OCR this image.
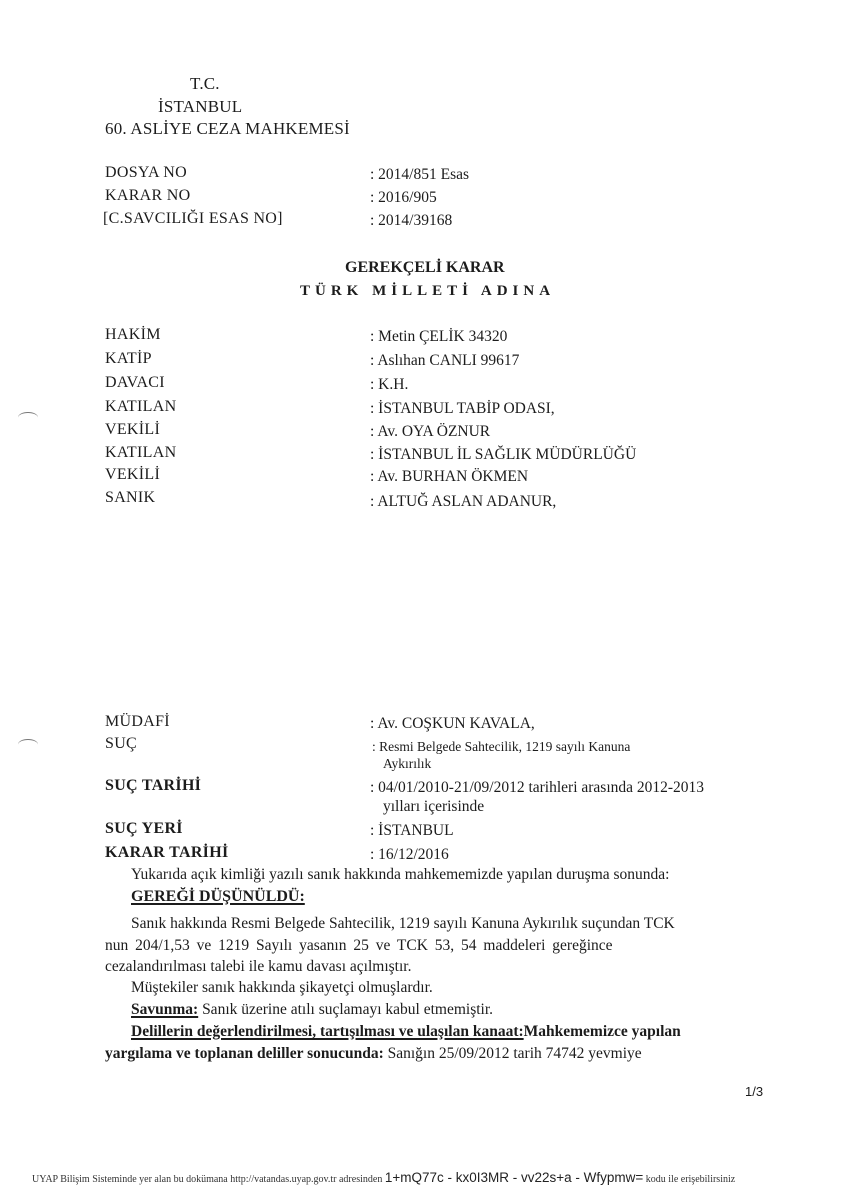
T.C.
İSTANBUL
60. ASLİYE CEZA MAHKEMESİ
DOSYA NO	: 2014/851 Esas
KARAR NO	: 2016/905
[C.SAVCILIĞI ESAS NO]	: 2014/39168
GEREKÇELİ KARAR
TÜRK MİLLETİ ADINA
HAKİM	: Metin ÇELİK 34320
KATİP	: Aslıhan CANLI 99617
DAVACI	: K.H.
KATILAN	: İSTANBUL TABİP ODASI,
VEKİLİ	: Av. OYA ÖZNUR
KATILAN	: İSTANBUL İL SAĞLIK MÜDÜRLÜĞÜ
VEKİLİ	: Av. BURHAN ÖKMEN
SANIK	: ALTUĞ ASLAN ADANUR,
MÜDAFİ	: Av. COŞKUN KAVALA,
SUÇ	: Resmi Belgede Sahtecilik, 1219 sayılı Kanuna
Aykırılık
SUÇ TARİHİ	: 04/01/2010-21/09/2012 tarihleri arasında 2012-2013
yılları içerisinde
SUÇ YERİ	: İSTANBUL
KARAR TARİHİ	: 16/12/2016
Yukarıda açık kimliği yazılı sanık hakkında mahkememizde yapılan duruşma sonunda:
GEREĞİ DÜŞÜNÜLDÜ:
Sanık hakkında Resmi Belgede Sahtecilik, 1219 sayılı Kanuna Aykırılık suçundan TCK
nun 204/1,53 ve 1219 Sayılı yasanın 25 ve TCK 53, 54 maddeleri gereğince
cezalandırılması talebi ile kamu davası açılmıştır.
Müştekiler sanık hakkında şikayetçi olmuşlardır.
Savunma: Sanık üzerine atılı suçlamayı kabul etmemiştir.
Delillerin değerlendirilmesi, tartışılması ve ulaşılan kanaat:Mahkememizce yapılan
yargılama ve toplanan deliller sonucunda: Sanığın 25/09/2012 tarih 74742 yevmiye
1/3
UYAP Bilişim Sisteminde yer alan bu dokümana http://vatandas.uyap.gov.tr adresinden 1+mQ77c - kx0I3MR - vv22s+a - Wfypmw= kodu ile erişebilirsiniz
